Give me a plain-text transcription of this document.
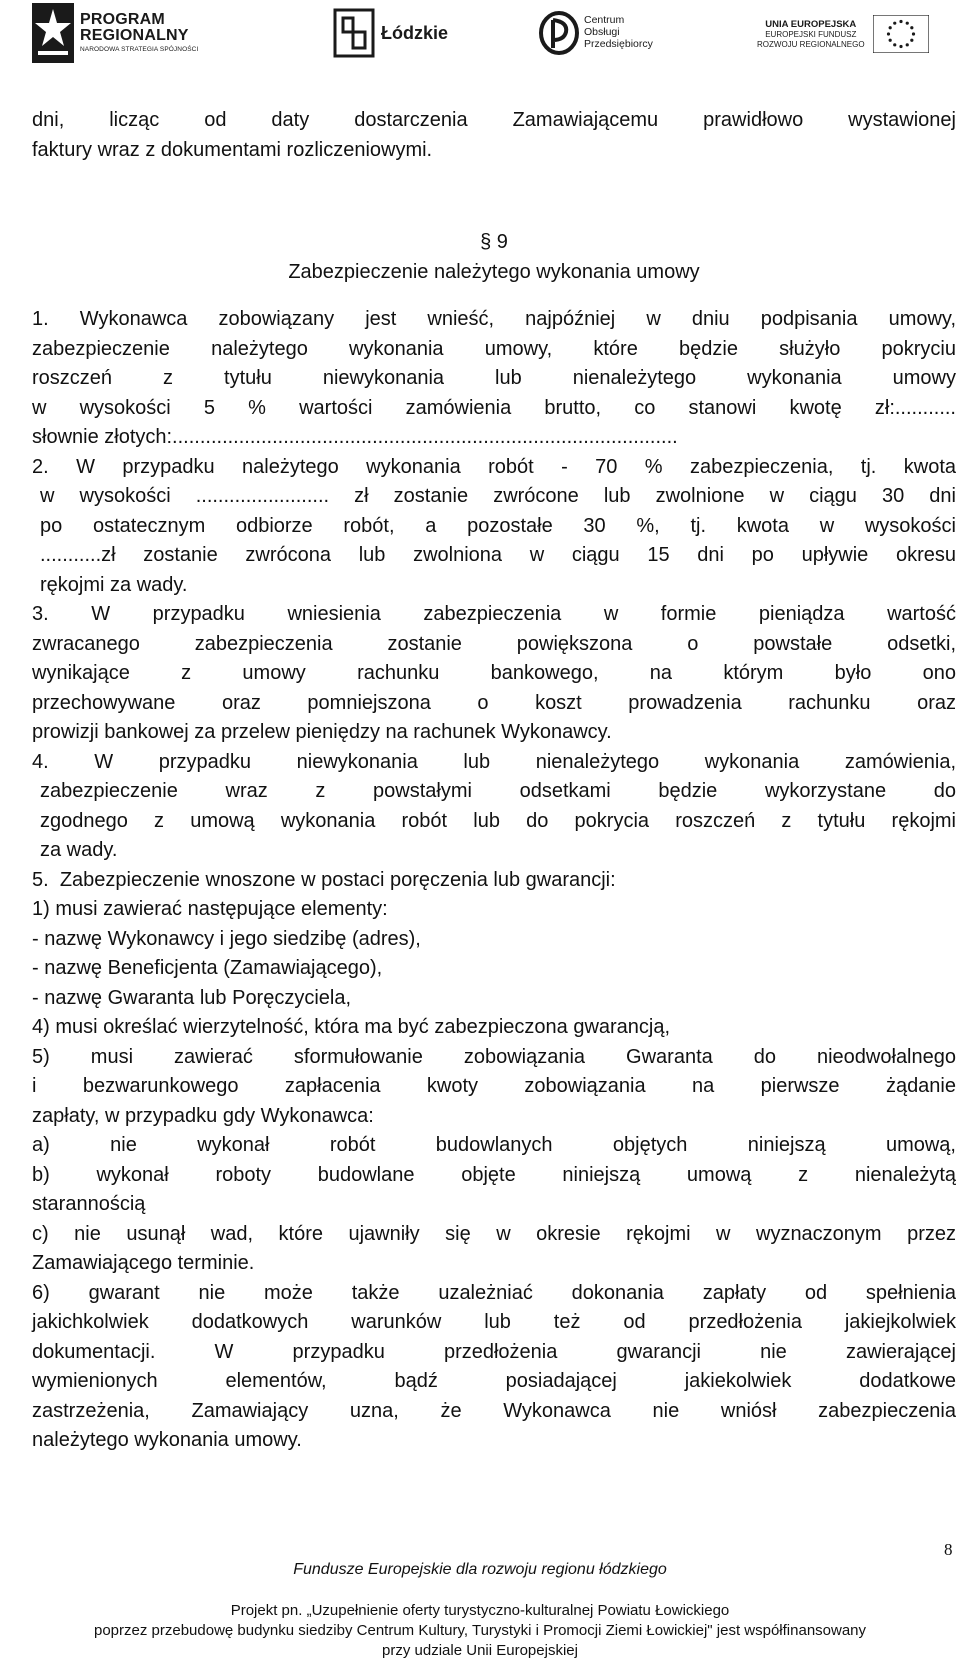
PROGRAM
REGIONALNY
NARODOWA STRATEGIA SPÓJNOŚCI
Łódzkie
Centrum
Obsługi
Przedsiębiorcy
UNIA EUROPEJSKA
EUROPEJSKI FUNDUSZ
ROZWOJU REGIONALNEGO

dni, licząc od daty dostarczenia Zamawiającemu prawidłowo wystawionej

faktury wraz z dokumentami rozliczeniowymi.

§ 9

Zabezpieczenie należytego wykonania umowy

1. Wykonawca zobowiązany jest wnieść, najpóźniej w dniu podpisania umowy,

zabezpieczenie należytego wykonania umowy, które będzie służyło pokryciu

roszczeń z tytułu niewykonania lub nienależytego wykonania umowy

w wysokości 5 % wartości zamówienia brutto, co stanowi kwotę zł:...........

słownie złotych:...........................................................................................

2. W przypadku należytego wykonania robót - 70 % zabezpieczenia, tj. kwota

w wysokości ........................ zł zostanie zwrócone lub zwolnione w ciągu 30 dni

po ostatecznym odbiorze robót, a pozostałe 30 %, tj. kwota w wysokości

...........zł zostanie zwrócona lub zwolniona w ciągu 15 dni po upływie okresu

rękojmi za wady.

3. W przypadku wniesienia zabezpieczenia w formie pieniądza wartość

zwracanego zabezpieczenia zostanie powiększona o powstałe odsetki,

wynikające z umowy rachunku bankowego, na którym było ono

przechowywane oraz pomniejszona o koszt prowadzenia rachunku oraz

prowizji bankowej za przelew pieniędzy na rachunek Wykonawcy.

4. W przypadku niewykonania lub nienależytego wykonania zamówienia,

zabezpieczenie wraz z powstałymi odsetkami będzie wykorzystane do

zgodnego z umową wykonania robót lub do pokrycia roszczeń z tytułu rękojmi

za wady.

5. Zabezpieczenie wnoszone w postaci poręczenia lub gwarancji:

1) musi zawierać następujące elementy:

- nazwę Wykonawcy i jego siedzibę (adres),

- nazwę Beneficjenta (Zamawiającego),

- nazwę Gwaranta lub Poręczyciela,

4) musi określać wierzytelność, która ma być zabezpieczona gwarancją,

5) musi zawierać sformułowanie zobowiązania Gwaranta do nieodwołalnego

i bezwarunkowego zapłacenia kwoty zobowiązania na pierwsze żądanie

zapłaty, w przypadku gdy Wykonawca:

a) nie wykonał robót budowlanych objętych niniejszą umową,

b) wykonał roboty budowlane objęte niniejszą umową z nienależytą

starannością

c) nie usunął wad, które ujawniły się w okresie rękojmi w wyznaczonym przez

Zamawiającego terminie.

6) gwarant nie może także uzależniać dokonania zapłaty od spełnienia

jakichkolwiek dodatkowych warunków lub też od przedłożenia jakiejkolwiek

dokumentacji. W przypadku przedłożenia gwarancji nie zawierającej

wymienionych elementów, bądź posiadającej jakiekolwiek dodatkowe

zastrzeżenia, Zamawiający uzna, że Wykonawca nie wniósł zabezpieczenia

należytego wykonania umowy.

8
Fundusze Europejskie dla rozwoju regionu łódzkiego
Projekt pn. „Uzupełnienie oferty turystyczno-kulturalnej Powiatu Łowickiego
poprzez przebudowę budynku siedziby Centrum Kultury, Turystyki i Promocji Ziemi Łowickiej" jest współfinansowany
przy udziale Unii Europejskiej
